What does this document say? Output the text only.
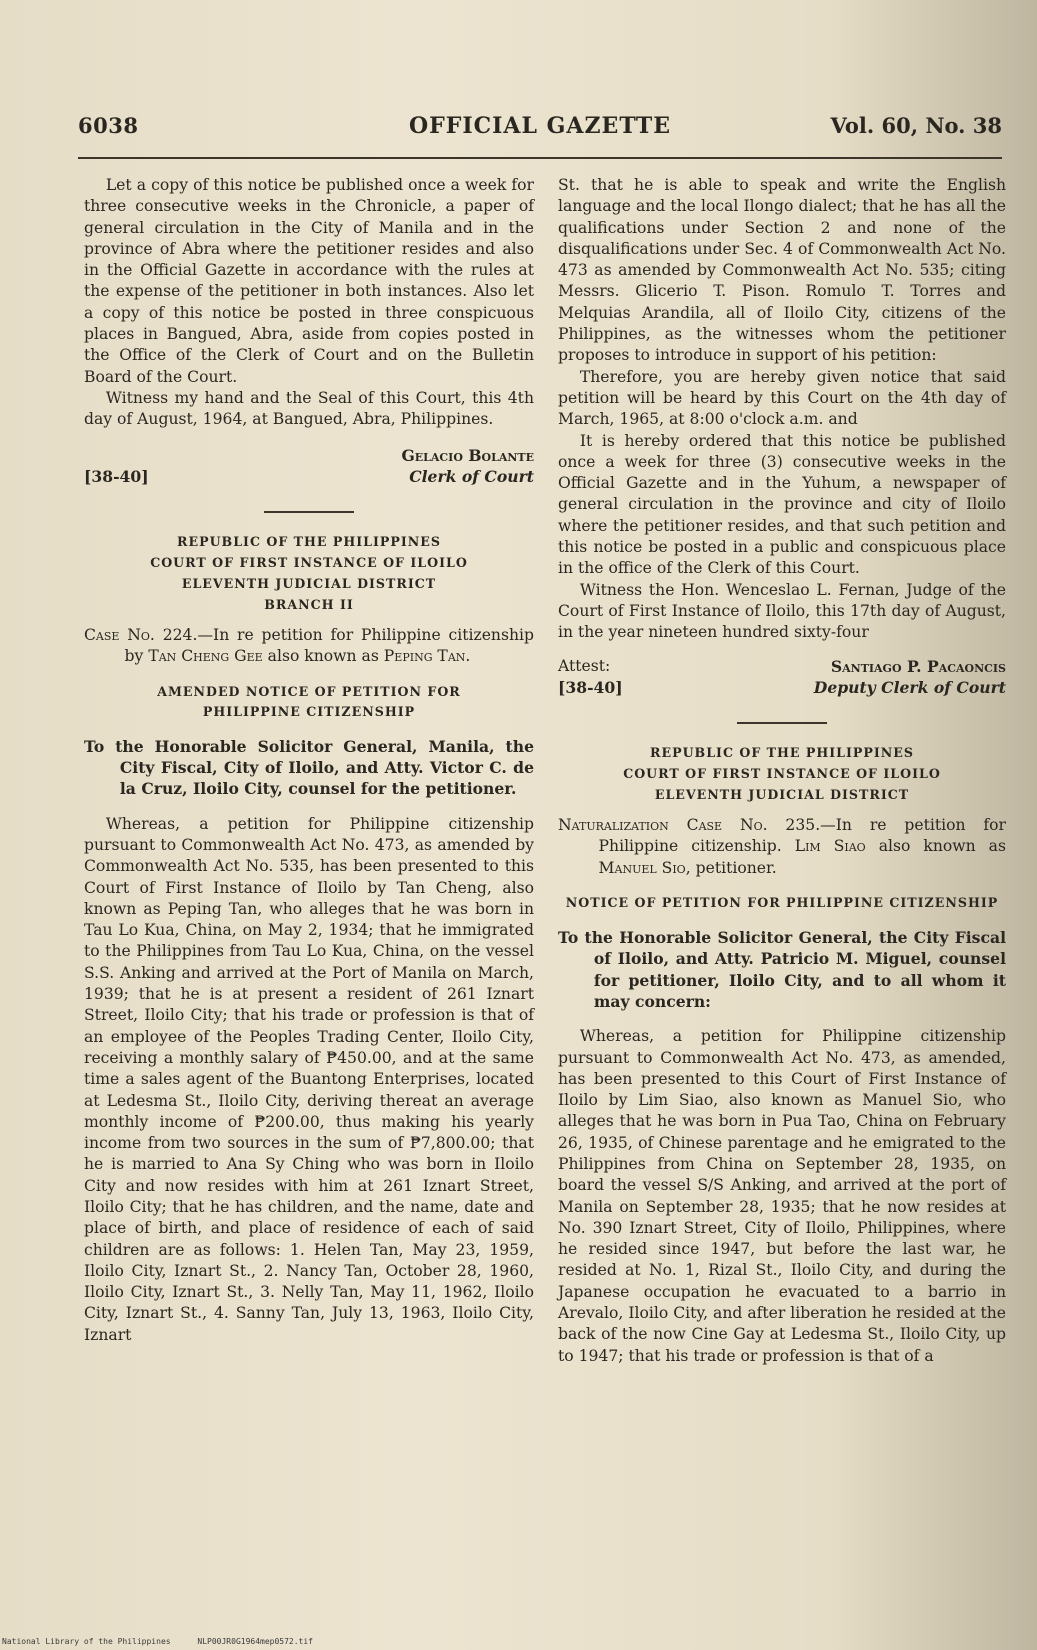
6038	OFFICIAL GAZETTE	Vol. 60, No. 38

Let a copy of this notice be published once a week for three consecutive weeks in the Chronicle, a paper of general circulation in the City of Manila and in the province of Abra where the petitioner resides and also in the Official Gazette in accordance with the rules at the expense of the petitioner in both instances. Also let a copy of this notice be posted in three conspicuous places in Bangued, Abra, aside from copies posted in the Office of the Clerk of Court and on the Bulletin Board of the Court.

Witness my hand and the Seal of this Court, this 4th day of August, 1964, at Bangued, Abra, Philippines.

[38-40]
Gelacio Bolante
Clerk of Court
REPUBLIC OF THE PHILIPPINES
COURT OF FIRST INSTANCE OF ILOILO
ELEVENTH JUDICIAL DISTRICT
BRANCH II

Case No. 224.—In re petition for Philippine citizenship by Tan Cheng Gee also known as Peping Tan.

AMENDED NOTICE OF PETITION FOR
PHILIPPINE CITIZENSHIP

To the Honorable Solicitor General, Manila, the City Fiscal, City of Iloilo, and Atty. Victor C. de la Cruz, Iloilo City, counsel for the petitioner.

Whereas, a petition for Philippine citizenship pursuant to Commonwealth Act No. 473, as amended by Commonwealth Act No. 535, has been presented to this Court of First Instance of Iloilo by Tan Cheng, also known as Peping Tan, who alleges that he was born in Tau Lo Kua, China, on May 2, 1934; that he immigrated to the Philippines from Tau Lo Kua, China, on the vessel S.S. Anking and arrived at the Port of Manila on March, 1939; that he is at present a resident of 261 Iznart Street, Iloilo City; that his trade or profession is that of an employee of the Peoples Trading Center, Iloilo City, receiving a monthly salary of ₱450.00, and at the same time a sales agent of the Buantong Enterprises, located at Ledesma St., Iloilo City, deriving thereat an average monthly income of ₱200.00, thus making his yearly income from two sources in the sum of ₱7,800.00; that he is married to Ana Sy Ching who was born in Iloilo City and now resides with him at 261 Iznart Street, Iloilo City; that he has children, and the name, date and place of birth, and place of residence of each of said children are as follows: 1. Helen Tan, May 23, 1959, Iloilo City, Iznart St., 2. Nancy Tan, October 28, 1960, Iloilo City, Iznart St., 3. Nelly Tan, May 11, 1962, Iloilo City, Iznart St., 4. Sanny Tan, July 13, 1963, Iloilo City, Iznart

St. that he is able to speak and write the English language and the local Ilongo dialect; that he has all the qualifications under Section 2 and none of the disqualifications under Sec. 4 of Commonwealth Act No. 473 as amended by Commonwealth Act No. 535; citing Messrs. Glicerio T. Pison. Romulo T. Torres and Melquias Arandila, all of Iloilo City, citizens of the Philippines, as the witnesses whom the petitioner proposes to introduce in support of his petition:

Therefore, you are hereby given notice that said petition will be heard by this Court on the 4th day of March, 1965, at 8:00 o'clock a.m. and

It is hereby ordered that this notice be published once a week for three (3) consecutive weeks in the Official Gazette and in the Yuhum, a newspaper of general circulation in the province and city of Iloilo where the petitioner resides, and that such petition and this notice be posted in a public and conspicuous place in the office of the Clerk of this Court.

Witness the Hon. Wenceslao L. Fernan, Judge of the Court of First Instance of Iloilo, this 17th day of August, in the year nineteen hundred sixty-four

Attest:
[38-40]
Santiago P. Pacaoncis
Deputy Clerk of Court
REPUBLIC OF THE PHILIPPINES
COURT OF FIRST INSTANCE OF ILOILO
ELEVENTH JUDICIAL DISTRICT

Naturalization Case No. 235.—In re petition for Philippine citizenship. Lim Siao also known as Manuel Sio, petitioner.

NOTICE OF PETITION FOR PHILIPPINE CITIZENSHIP

To the Honorable Solicitor General, the City Fiscal of Iloilo, and Atty. Patricio M. Miguel, counsel for petitioner, Iloilo City, and to all whom it may concern:

Whereas, a petition for Philippine citizenship pursuant to Commonwealth Act No. 473, as amended, has been presented to this Court of First Instance of Iloilo by Lim Siao, also known as Manuel Sio, who alleges that he was born in Pua Tao, China on February 26, 1935, of Chinese parentage and he emigrated to the Philippines from China on September 28, 1935, on board the vessel S/S Anking, and arrived at the port of Manila on September 28, 1935; that he now resides at No. 390 Iznart Street, City of Iloilo, Philippines, where he resided since 1947, but before the last war, he resided at No. 1, Rizal St., Iloilo City, and during the Japanese occupation he evacuated to a barrio in Arevalo, Iloilo City, and after liberation he resided at the back of the now Cine Gay at Ledesma St., Iloilo City, up to 1947; that his trade or profession is that of a

National Library of the Philippines	NLP00JR0G1964mep0572.tif
